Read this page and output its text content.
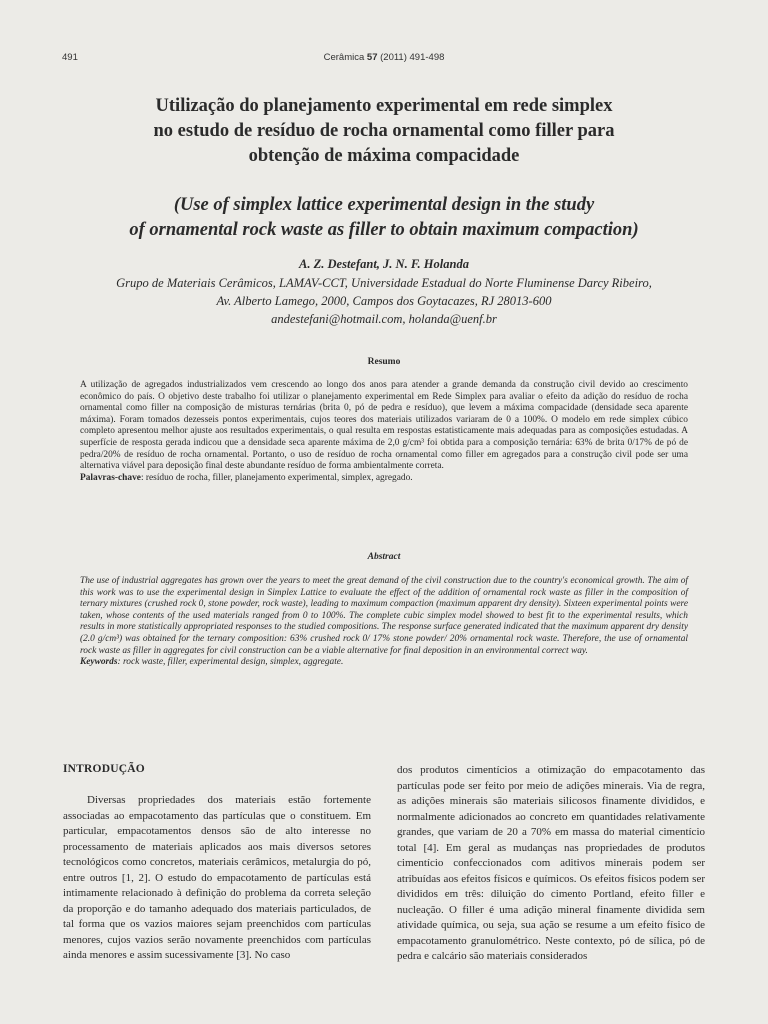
491	Cerâmica 57 (2011) 491-498
Utilização do planejamento experimental em rede simplex
no estudo de resíduo de rocha ornamental como filler para
obtenção de máxima compacidade
(Use of simplex lattice experimental design in the study
of ornamental rock waste as filler to obtain maximum compaction)
A. Z. Destefant, J. N. F. Holanda
Grupo de Materiais Cerâmicos, LAMAV-CCT, Universidade Estadual do Norte Fluminense Darcy Ribeiro,
Av. Alberto Lamego, 2000, Campos dos Goytacazes, RJ 28013-600
andestefani@hotmail.com, holanda@uenf.br
Resumo
A utilização de agregados industrializados vem crescendo ao longo dos anos para atender a grande demanda da construção civil devido ao crescimento econômico do país. O objetivo deste trabalho foi utilizar o planejamento experimental em Rede Simplex para avaliar o efeito da adição do resíduo de rocha ornamental como filler na composição de misturas ternárias (brita 0, pó de pedra e resíduo), que levem a máxima compacidade (densidade seca aparente máxima). Foram tomados dezesseis pontos experimentais, cujos teores dos materiais utilizados variaram de 0 a 100%. O modelo em rede simplex cúbico completo apresentou melhor ajuste aos resultados experimentais, o qual resulta em respostas estatisticamente mais adequadas para as composições estudadas. A superfície de resposta gerada indicou que a densidade seca aparente máxima de 2,0 g/cm³ foi obtida para a composição ternária: 63% de brita 0/17% de pó de pedra/20% de resíduo de rocha ornamental. Portanto, o uso de resíduo de rocha ornamental como filler em agregados para a construção civil pode ser uma alternativa viável para deposição final deste abundante resíduo de forma ambientalmente correta.
Palavras-chave: resíduo de rocha, filler, planejamento experimental, simplex, agregado.
Abstract
The use of industrial aggregates has grown over the years to meet the great demand of the civil construction due to the country's economical growth. The aim of this work was to use the experimental design in Simplex Lattice to evaluate the effect of the addition of ornamental rock waste as filler in the composition of ternary mixtures (crushed rock 0, stone powder, rock waste), leading to maximum compaction (maximum apparent dry density). Sixteen experimental points were taken, whose contents of the used materials ranged from 0 to 100%. The complete cubic simplex model showed to best fit to the experimental results, which results in more statistically appropriated responses to the studied compositions. The response surface generated indicated that the maximum apparent dry density (2.0 g/cm³) was obtained for the ternary composition: 63% crushed rock 0/ 17% stone powder/ 20% ornamental rock waste. Therefore, the use of ornamental rock waste as filler in aggregates for civil construction can be a viable alternative for final deposition in an environmental correct way.
Keywords: rock waste, filler, experimental design, simplex, aggregate.
INTRODUÇÃO

Diversas propriedades dos materiais estão fortemente associadas ao empacotamento das partículas que o constituem. Em particular, empacotamentos densos são de alto interesse no processamento de materiais aplicados aos mais diversos setores tecnológicos como concretos, materiais cerâmicos, metalurgia do pó, entre outros [1, 2]. O estudo do empacotamento de partículas está intimamente relacionado à definição do problema da correta seleção da proporção e do tamanho adequado dos materiais particulados, de tal forma que os vazios maiores sejam preenchidos com partículas menores, cujos vazios serão novamente preenchidos com partículas ainda menores e assim sucessivamente [3]. No caso

dos produtos cimentícios a otimização do empacotamento das partículas pode ser feito por meio de adições minerais. Via de regra, as adições minerais são materiais silicosos finamente divididos, e normalmente adicionados ao concreto em quantidades relativamente grandes, que variam de 20 a 70% em massa do material cimentício total [4]. Em geral as mudanças nas propriedades de produtos cimentício confeccionados com aditivos minerais podem ser atribuídas aos efeitos físicos e químicos. Os efeitos físicos podem ser divididos em três: diluição do cimento Portland, efeito filler e nucleação. O filler é uma adição mineral finamente dividida sem atividade química, ou seja, sua ação se resume a um efeito físico de empacotamento granulométrico. Neste contexto, pó de sílica, pó de pedra e calcário são materiais considerados
